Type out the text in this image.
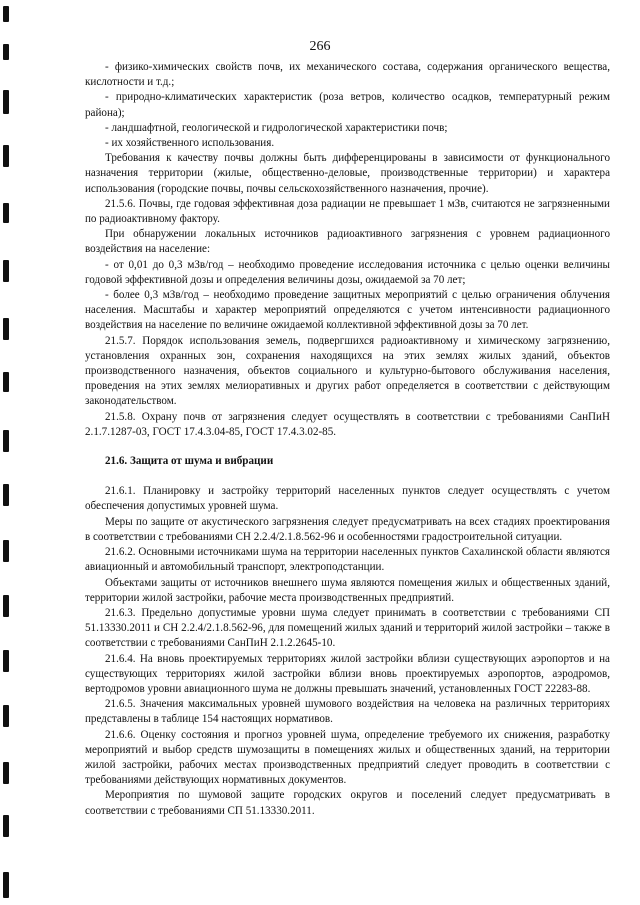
266

- физико-химических свойств почв, их механического состава, содержания органического вещества, кислотности и т.д.;

- природно-климатических характеристик (роза ветров, количество осадков, температурный режим района);

- ландшафтной, геологической и гидрологической характеристики почв;

- их хозяйственного использования.

Требования к качеству почвы должны быть дифференцированы в зависимости от функционального назначения территории (жилые, общественно-деловые, производственные территории) и характера использования (городские почвы, почвы сельскохозяйственного назначения, прочие).

21.5.6. Почвы, где годовая эффективная доза радиации не превышает 1 мЗв, считаются не загрязненными по радиоактивному фактору.

При обнаружении локальных источников радиоактивного загрязнения с уровнем радиационного воздействия на население:

- от 0,01 до 0,3 мЗв/год – необходимо проведение исследования источника с целью оценки величины годовой эффективной дозы и определения величины дозы, ожидаемой за 70 лет;

- более 0,3 мЗв/год – необходимо проведение защитных мероприятий с целью ограничения облучения населения. Масштабы и характер мероприятий определяются с учетом интенсивности радиационного воздействия на население по величине ожидаемой коллективной эффективной дозы за 70 лет.

21.5.7. Порядок использования земель, подвергшихся радиоактивному и химическому загрязнению, установления охранных зон, сохранения находящихся на этих землях жилых зданий, объектов производственного назначения, объектов социального и культурно-бытового обслуживания населения, проведения на этих землях мелиоративных и других работ определяется в соответствии с действующим законодательством.

21.5.8. Охрану почв от загрязнения следует осуществлять в соответствии с требованиями СанПиН 2.1.7.1287-03, ГОСТ 17.4.3.04-85, ГОСТ 17.4.3.02-85.

21.6. Защита от шума и вибрации

21.6.1. Планировку и застройку территорий населенных пунктов следует осуществлять с учетом обеспечения допустимых уровней шума.

Меры по защите от акустического загрязнения следует предусматривать на всех стадиях проектирования в соответствии с требованиями СН 2.2.4/2.1.8.562-96 и особенностями градостроительной ситуации.

21.6.2. Основными источниками шума на территории населенных пунктов Сахалинской области являются авиационный и автомобильный транспорт, электроподстанции.

Объектами защиты от источников внешнего шума являются помещения жилых и общественных зданий, территории жилой застройки, рабочие места производственных предприятий.

21.6.3. Предельно допустимые уровни шума следует принимать в соответствии с требованиями СП 51.13330.2011 и СН 2.2.4/2.1.8.562-96, для помещений жилых зданий и территорий жилой застройки – также в соответствии с требованиями СанПиН 2.1.2.2645-10.

21.6.4. На вновь проектируемых территориях жилой застройки вблизи существующих аэропортов и на существующих территориях жилой застройки вблизи вновь проектируемых аэропортов, аэродромов, вертодромов уровни авиационного шума не должны превышать значений, установленных ГОСТ 22283-88.

21.6.5. Значения максимальных уровней шумового воздействия на человека на различных территориях представлены в таблице 154 настоящих нормативов.

21.6.6. Оценку состояния и прогноз уровней шума, определение требуемого их снижения, разработку мероприятий и выбор средств шумозащиты в помещениях жилых и общественных зданий, на территории жилой застройки, рабочих местах производственных предприятий следует проводить в соответствии с требованиями действующих нормативных документов.

Мероприятия по шумовой защите городских округов и поселений следует предусматривать в соответствии с требованиями СП 51.13330.2011.
